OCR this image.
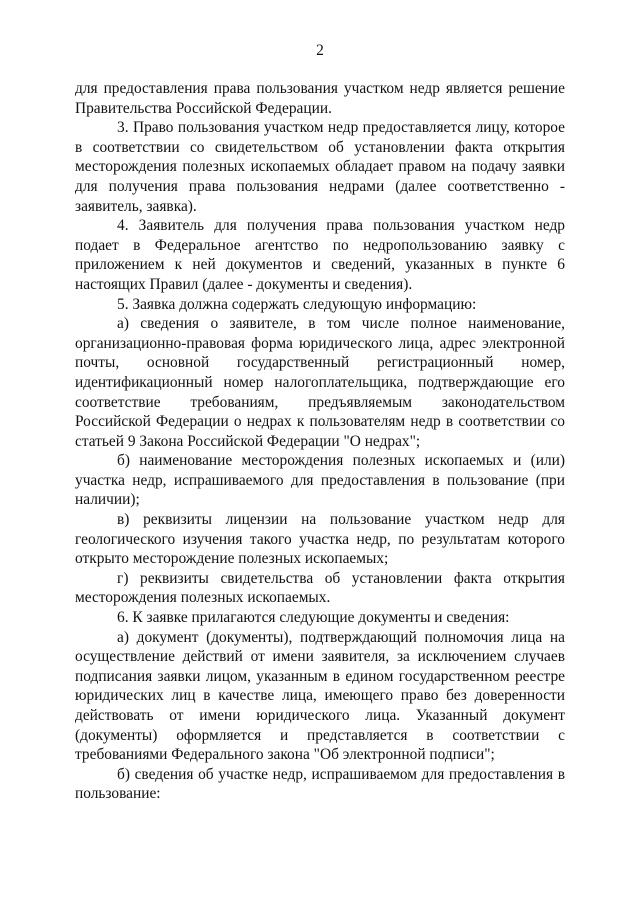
2

для предоставления права пользования участком недр является решение Правительства Российской Федерации.

3. Право пользования участком недр предоставляется лицу, которое в соответствии со свидетельством об установлении факта открытия месторождения полезных ископаемых обладает правом на подачу заявки для получения права пользования недрами (далее соответственно - заявитель, заявка).

4. Заявитель для получения права пользования участком недр подает в Федеральное агентство по недропользованию заявку с приложением к ней документов и сведений, указанных в пункте 6 настоящих Правил (далее - документы и сведения).

5. Заявка должна содержать следующую информацию:

а) сведения о заявителе, в том числе полное наименование, организационно-правовая форма юридического лица, адрес электронной почты, основной государственный регистрационный номер, идентификационный номер налогоплательщика, подтверждающие его соответствие требованиям, предъявляемым законодательством Российской Федерации о недрах к пользователям недр в соответствии со статьей 9 Закона Российской Федерации "О недрах";

б) наименование месторождения полезных ископаемых и (или) участка недр, испрашиваемого для предоставления в пользование (при наличии);

в) реквизиты лицензии на пользование участком недр для геологического изучения такого участка недр, по результатам которого открыто месторождение полезных ископаемых;

г) реквизиты свидетельства об установлении факта открытия месторождения полезных ископаемых.

6. К заявке прилагаются следующие документы и сведения:

а) документ (документы), подтверждающий полномочия лица на осуществление действий от имени заявителя, за исключением случаев подписания заявки лицом, указанным в едином государственном реестре юридических лиц в качестве лица, имеющего право без доверенности действовать от имени юридического лица. Указанный документ (документы) оформляется и представляется в соответствии с требованиями Федерального закона "Об электронной подписи";

б) сведения об участке недр, испрашиваемом для предоставления в пользование:
